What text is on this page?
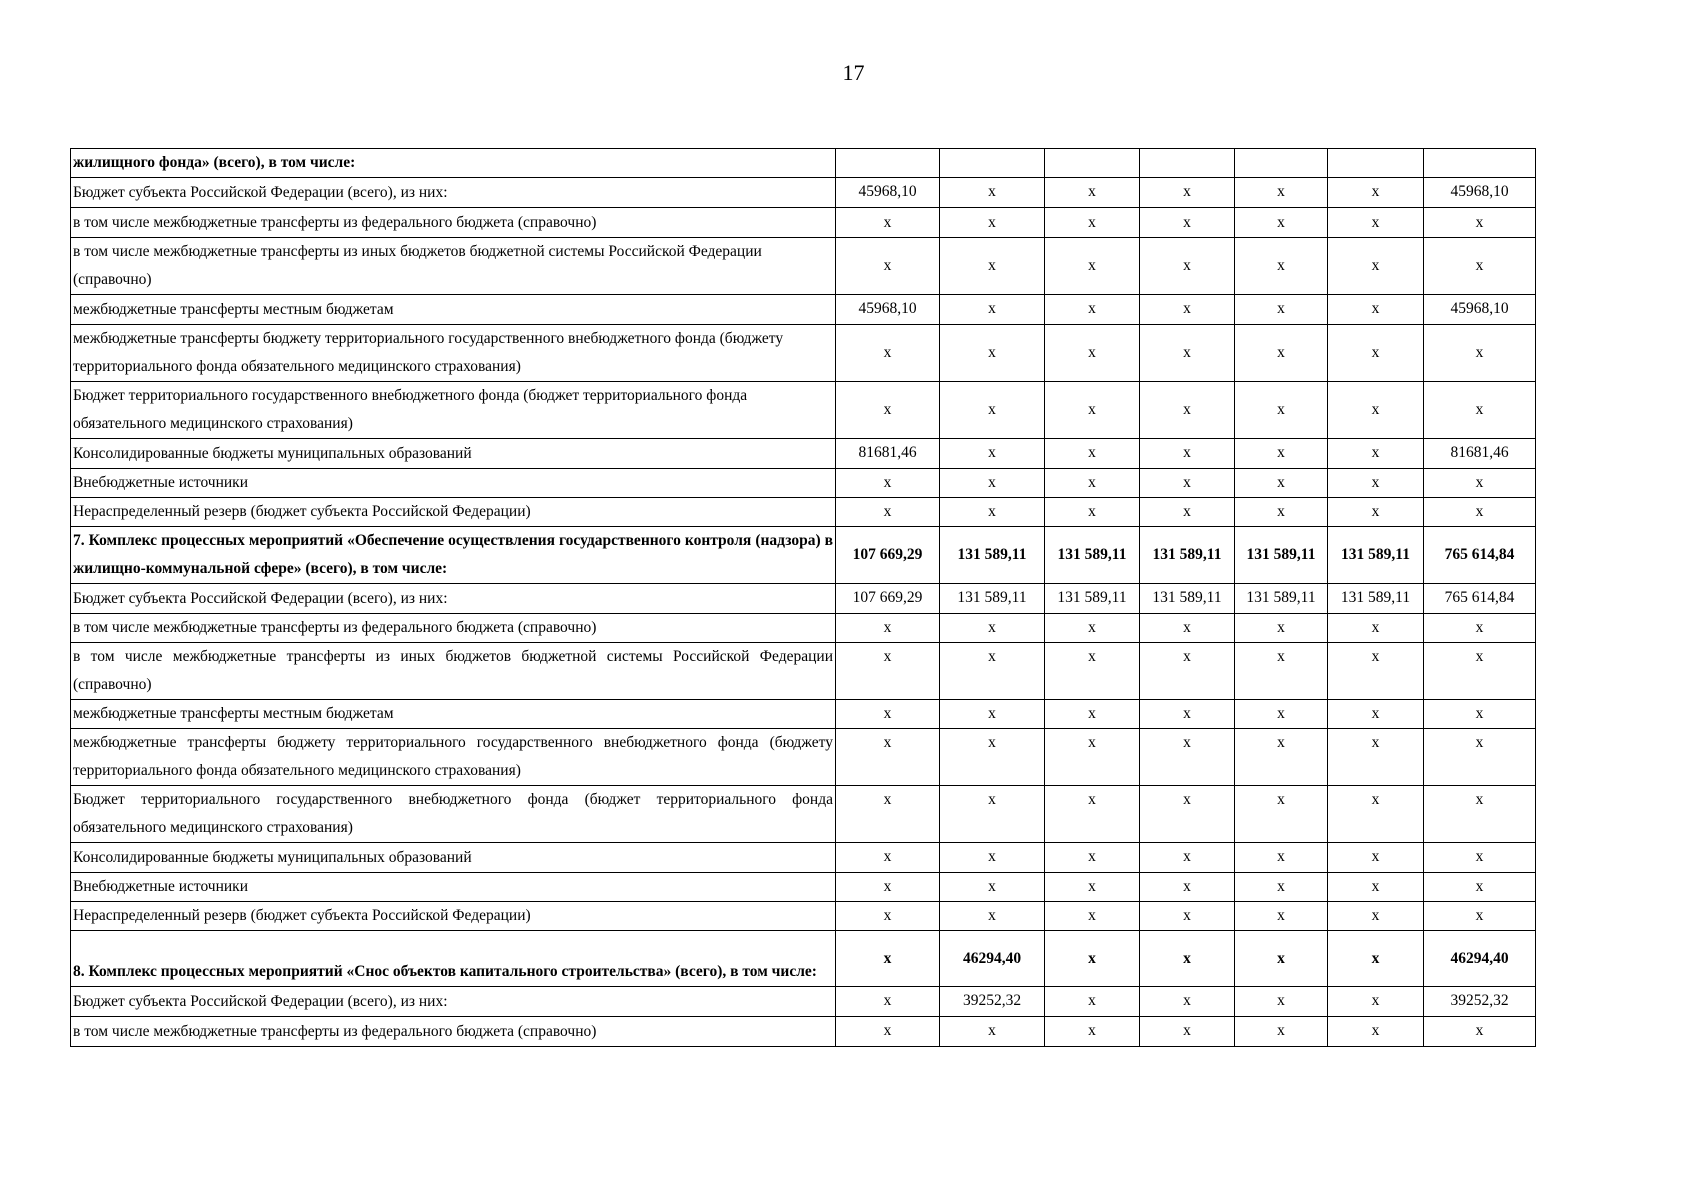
17
жилищного фонда» (всего), в том числе:							
Бюджет субъекта Российской Федерации (всего), из них:	45968,10	x	x	x	x	x	45968,10
в том числе межбюджетные трансферты из федерального бюджета (справочно)	x	x	x	x	x	x	x
в том числе межбюджетные трансферты из иных бюджетов бюджетной системы Российской Федерации (справочно)	x	x	x	x	x	x	x
межбюджетные трансферты местным бюджетам	45968,10	x	x	x	x	x	45968,10
межбюджетные трансферты бюджету территориального государственного внебюджетного фонда (бюджету территориального фонда обязательного медицинского страхования)	x	x	x	x	x	x	x
Бюджет территориального государственного внебюджетного фонда (бюджет территориального фонда обязательного медицинского страхования)	x	x	x	x	x	x	x
Консолидированные бюджеты муниципальных образований	81681,46	x	x	x	x	x	81681,46
Внебюджетные источники	x	x	x	x	x	x	x
Нераспределенный резерв (бюджет субъекта Российской Федерации)	x	x	x	x	x	x	x
7. Комплекс процессных мероприятий «Обеспечение осуществления государственного контроля (надзора) в жилищно-коммунальной сфере» (всего), в том числе:	107 669,29	131 589,11	131 589,11	131 589,11	131 589,11	131 589,11	765 614,84
Бюджет субъекта Российской Федерации (всего), из них:	107 669,29	131 589,11	131 589,11	131 589,11	131 589,11	131 589,11	765 614,84
в том числе межбюджетные трансферты из федерального бюджета (справочно)	x	x	x	x	x	x	x
в том числе межбюджетные трансферты из иных бюджетов бюджетной системы Российской Федерации (справочно)	x	x	x	x	x	x	x
межбюджетные трансферты местным бюджетам	x	x	x	x	x	x	x
межбюджетные трансферты бюджету территориального государственного внебюджетного фонда (бюджету территориального фонда обязательного медицинского страхования)	x	x	x	x	x	x	x
Бюджет территориального государственного внебюджетного фонда (бюджет территориального фонда обязательного медицинского страхования)	x	x	x	x	x	x	x
Консолидированные бюджеты муниципальных образований	x	x	x	x	x	x	x
Внебюджетные источники	x	x	x	x	x	x	x
Нераспределенный резерв (бюджет субъекта Российской Федерации)	x	x	x	x	x	x	x
8. Комплекс процессных мероприятий «Снос объектов капитального строительства» (всего), в том числе:	x	46294,40	x	x	x	x	46294,40
Бюджет субъекта Российской Федерации (всего), из них:	x	39252,32	x	x	x	x	39252,32
в том числе межбюджетные трансферты из федерального бюджета (справочно)	x	x	x	x	x	x	x
